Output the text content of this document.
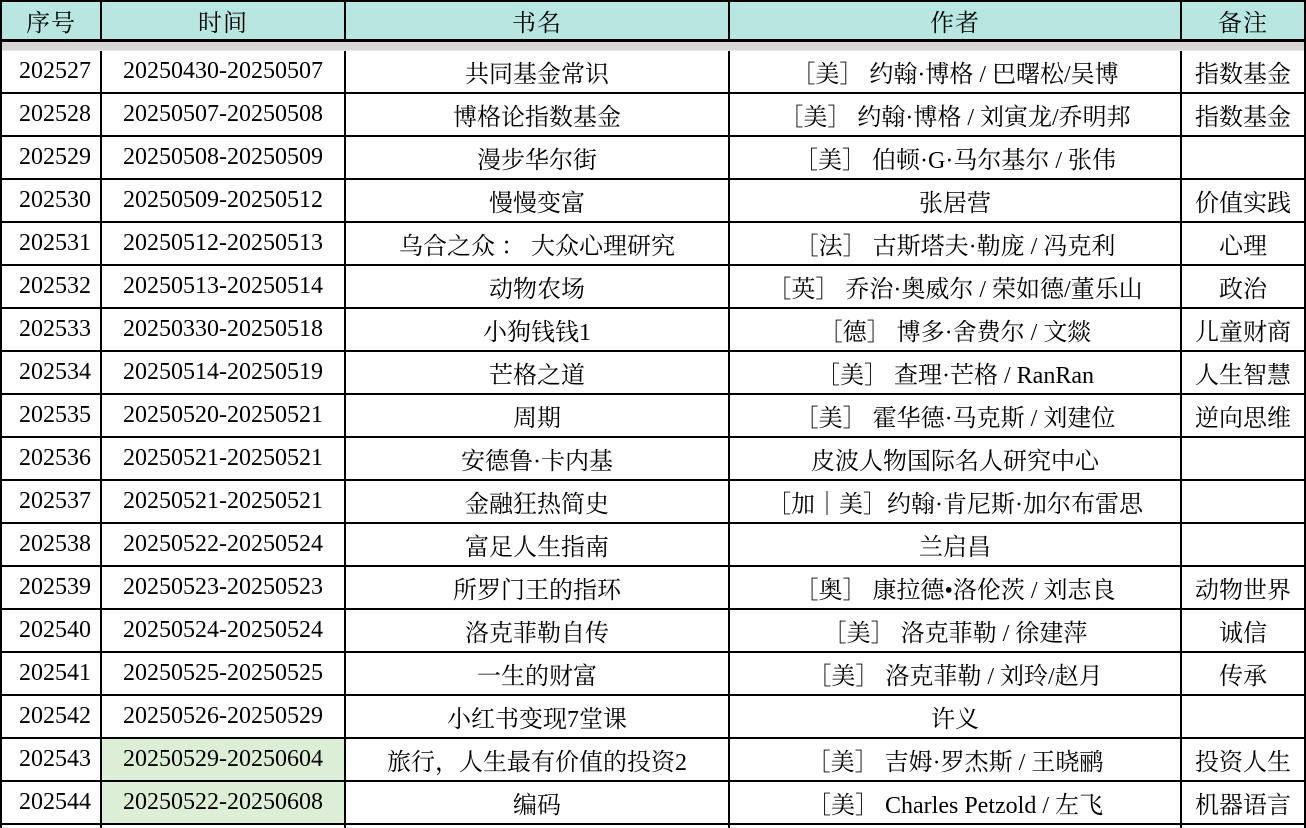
序号	时间	书名	作者	备注
202527	20250430-20250507	共同基金常识	［美］ 约翰·博格 / 巴曙松/吴博	指数基金
202528	20250507-20250508	博格论指数基金	［美］ 约翰·博格 / 刘寅龙/乔明邦	指数基金
202529	20250508-20250509	漫步华尔街	［美］ 伯顿·G·马尔基尔 / 张伟
202530	20250509-20250512	慢慢变富	张居营	价值实践
202531	20250512-20250513	乌合之众 ： 大众心理研究	［法］ 古斯塔夫·勒庞 / 冯克利	心理
202532	20250513-20250514	动物农场	［英］ 乔治·奥威尔 / 荣如德/董乐山	政治
202533	20250330-20250518	小狗钱钱1	［德］ 博多·舍费尔 / 文燚	儿童财商
202534	20250514-20250519	芒格之道	［美］ 查理·芒格 / RanRan	人生智慧
202535	20250520-20250521	周期	［美］ 霍华德·马克斯 / 刘建位	逆向思维
202536	20250521-20250521	安德鲁·卡内基	皮波人物国际名人研究中心
202537	20250521-20250521	金融狂热简史	［加｜美］约翰·肯尼斯·加尔布雷思
202538	20250522-20250524	富足人生指南	兰启昌
202539	20250523-20250523	所罗门王的指环	［奥］ 康拉德•洛伦茨 / 刘志良	动物世界
202540	20250524-20250524	洛克菲勒自传	［美］ 洛克菲勒 / 徐建萍	诚信
202541	20250525-20250525	一生的财富	［美］ 洛克菲勒 / 刘玲/赵月	传承
202542	20250526-20250529	小红书变现7堂课	许义
202543	20250529-20250604	旅行，人生最有价值的投资2	［美］ 吉姆·罗杰斯 / 王晓鹂	投资人生
202544	20250522-20250608	编码	［美］ Charles Petzold / 左飞	机器语言
